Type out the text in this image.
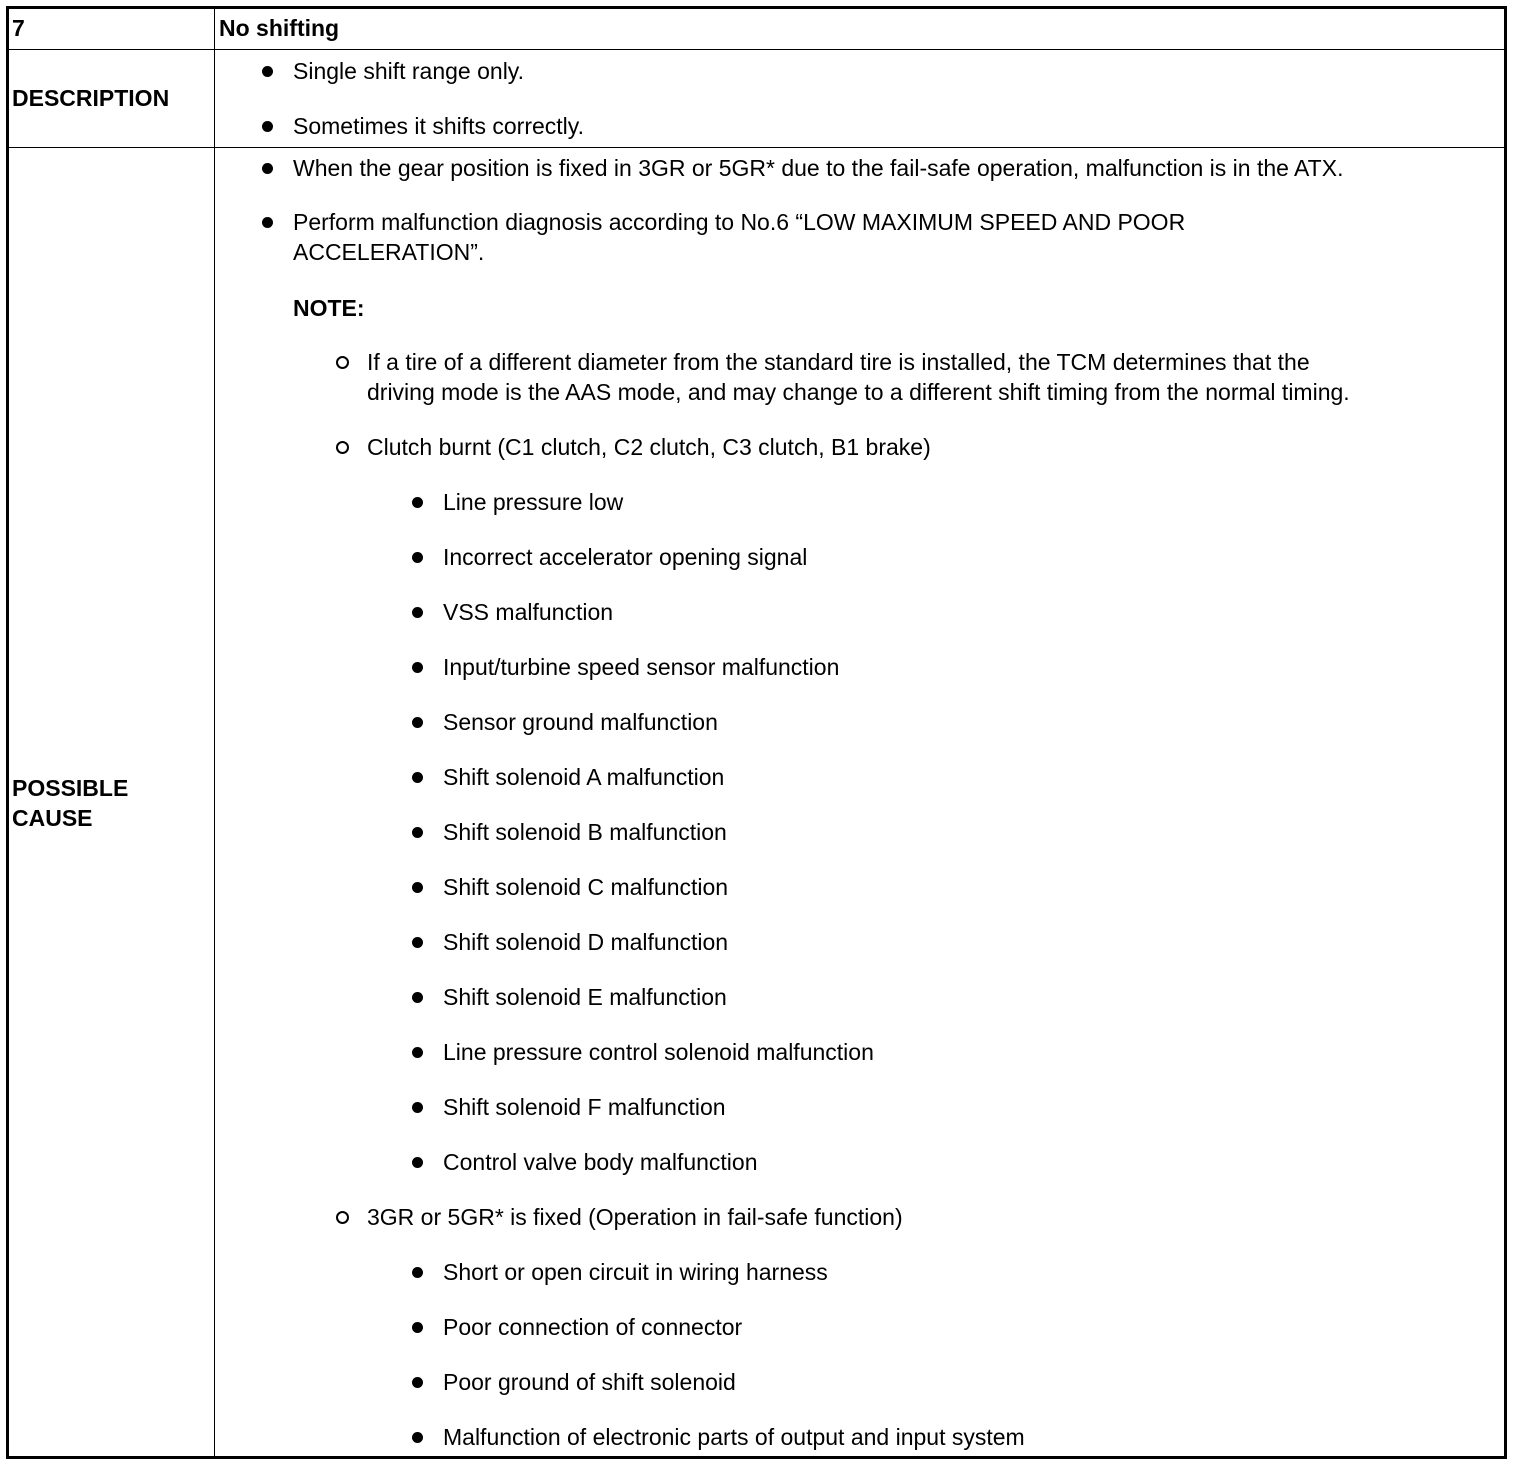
7	No shifting
DESCRIPTION
Single shift range only.
Sometimes it shifts correctly.
POSSIBLE
CAUSE
When the gear position is fixed in 3GR or 5GR* due to the fail-safe operation, malfunction is in the ATX.
Perform malfunction diagnosis according to No.6 “LOW MAXIMUM SPEED AND POOR
ACCELERATION”.
NOTE:
If a tire of a different diameter from the standard tire is installed, the TCM determines that the
driving mode is the AAS mode, and may change to a different shift timing from the normal timing.
Clutch burnt (C1 clutch, C2 clutch, C3 clutch, B1 brake)
Line pressure low
Incorrect accelerator opening signal
VSS malfunction
Input/turbine speed sensor malfunction
Sensor ground malfunction
Shift solenoid A malfunction
Shift solenoid B malfunction
Shift solenoid C malfunction
Shift solenoid D malfunction
Shift solenoid E malfunction
Line pressure control solenoid malfunction
Shift solenoid F malfunction
Control valve body malfunction
3GR or 5GR* is fixed (Operation in fail-safe function)
Short or open circuit in wiring harness
Poor connection of connector
Poor ground of shift solenoid
Malfunction of electronic parts of output and input system
